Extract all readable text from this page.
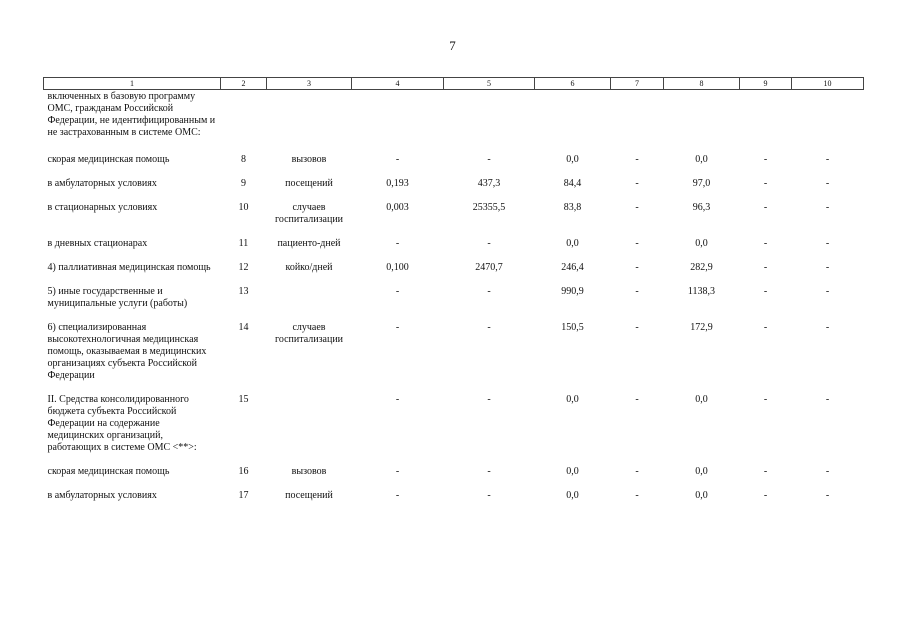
7
1	2	3	4	5	6	7	8	9	10
включенных в базовую программу ОМС, гражданам Российской Федерации, не идентифицированным и не застрахованным в системе ОМС:									
скорая медицинская помощь	8	вызовов	-	-	0,0	-	0,0	-	-
в амбулаторных условиях	9	посещений	0,193	437,3	84,4	-	97,0	-	-
в стационарных условиях	10	случаев госпитализации	0,003	25355,5	83,8	-	96,3	-	-
в дневных стационарах	11	пациенто-дней	-	-	0,0	-	0,0	-	-
4) паллиативная медицинская помощь	12	койко/дней	0,100	2470,7	246,4	-	282,9	-	-
5) иные государственные и муниципальные услуги (работы)	13		-	-	990,9	-	1138,3	-	-
6) специализированная высокотехнологичная медицинская помощь, оказываемая в медицинских организациях субъекта Российской Федерации	14	случаев госпитализации	-	-	150,5	-	172,9	-	-
II. Средства консолидированного бюджета субъекта Российской Федерации на содержание медицинских организаций, работающих в системе ОМС <**>:	15		-	-	0,0	-	0,0	-	-
скорая медицинская помощь	16	вызовов	-	-	0,0	-	0,0	-	-
в амбулаторных условиях	17	посещений	-	-	0,0	-	0,0	-	-
